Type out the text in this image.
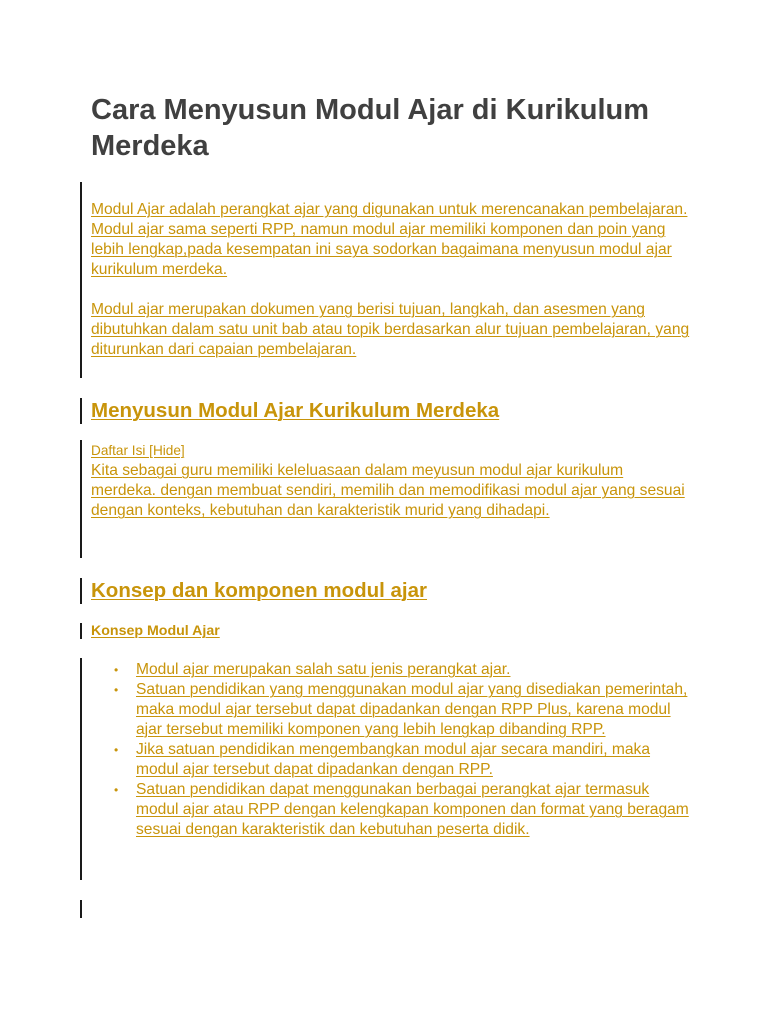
Cara Menyusun Modul Ajar di Kurikulum Merdeka

Modul Ajar adalah perangkat ajar yang digunakan untuk merencanakan pembelajaran. Modul ajar sama seperti RPP, namun modul ajar memiliki komponen dan poin yang lebih lengkap,pada kesempatan ini saya sodorkan bagaimana menyusun modul ajar kurikulum merdeka.

Modul ajar merupakan dokumen yang berisi tujuan, langkah, dan asesmen yang dibutuhkan dalam satu unit bab atau topik berdasarkan alur tujuan pembelajaran, yang diturunkan dari capaian pembelajaran.

Menyusun Modul Ajar Kurikulum Merdeka
Daftar Isi [Hide]

Kita sebagai guru memiliki keleluasaan dalam meyusun modul ajar kurikulum merdeka. dengan membuat sendiri, memilih dan memodifikasi modul ajar yang sesuai dengan konteks, kebutuhan dan karakteristik murid yang dihadapi.

Konsep dan komponen modul ajar
Konsep Modul Ajar
• Modul ajar merupakan salah satu jenis perangkat ajar.
• Satuan pendidikan yang menggunakan modul ajar yang disediakan pemerintah, maka modul ajar tersebut dapat dipadankan dengan RPP Plus, karena modul ajar tersebut memiliki komponen yang lebih lengkap dibanding RPP.
• Jika satuan pendidikan mengembangkan modul ajar secara mandiri, maka modul ajar tersebut dapat dipadankan dengan RPP.
• Satuan pendidikan dapat menggunakan berbagai perangkat ajar termasuk modul ajar atau RPP dengan kelengkapan komponen dan format yang beragam sesuai dengan karakteristik dan kebutuhan peserta didik.
